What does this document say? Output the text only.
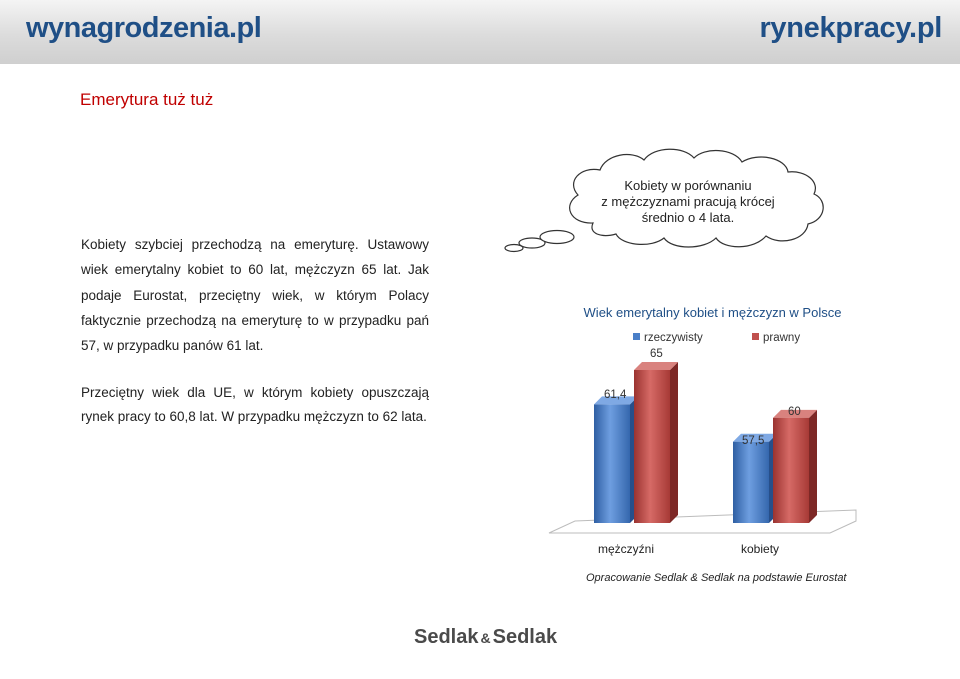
wynagrodzenia.pl	rynekpracy.pl
Emerytura tuż tuż
Kobiety szybciej przechodzą na emeryturę. Ustawowy wiek emerytalny kobiet to 60 lat, mężczyzn 65 lat. Jak podaje Eurostat, przeciętny wiek, w którym Polacy faktycznie przechodzą na emeryturę to w przypadku pań 57, w przypadku panów 61 lat.
Przeciętny wiek dla UE, w którym kobiety opuszczają rynek pracy to 60,8 lat. W przypadku mężczyzn to 62 lata.
Kobiety w porównaniu
z mężczyznami pracują krócej
średnio o 4 lata.
Wiek emerytalny kobiet i mężczyzn w Polsce
rzeczywisty	prawny
65
61,4
60
57,5
mężczyźni	kobiety
Opracowanie Sedlak & Sedlak na podstawie Eurostat
Sedlak & Sedlak
